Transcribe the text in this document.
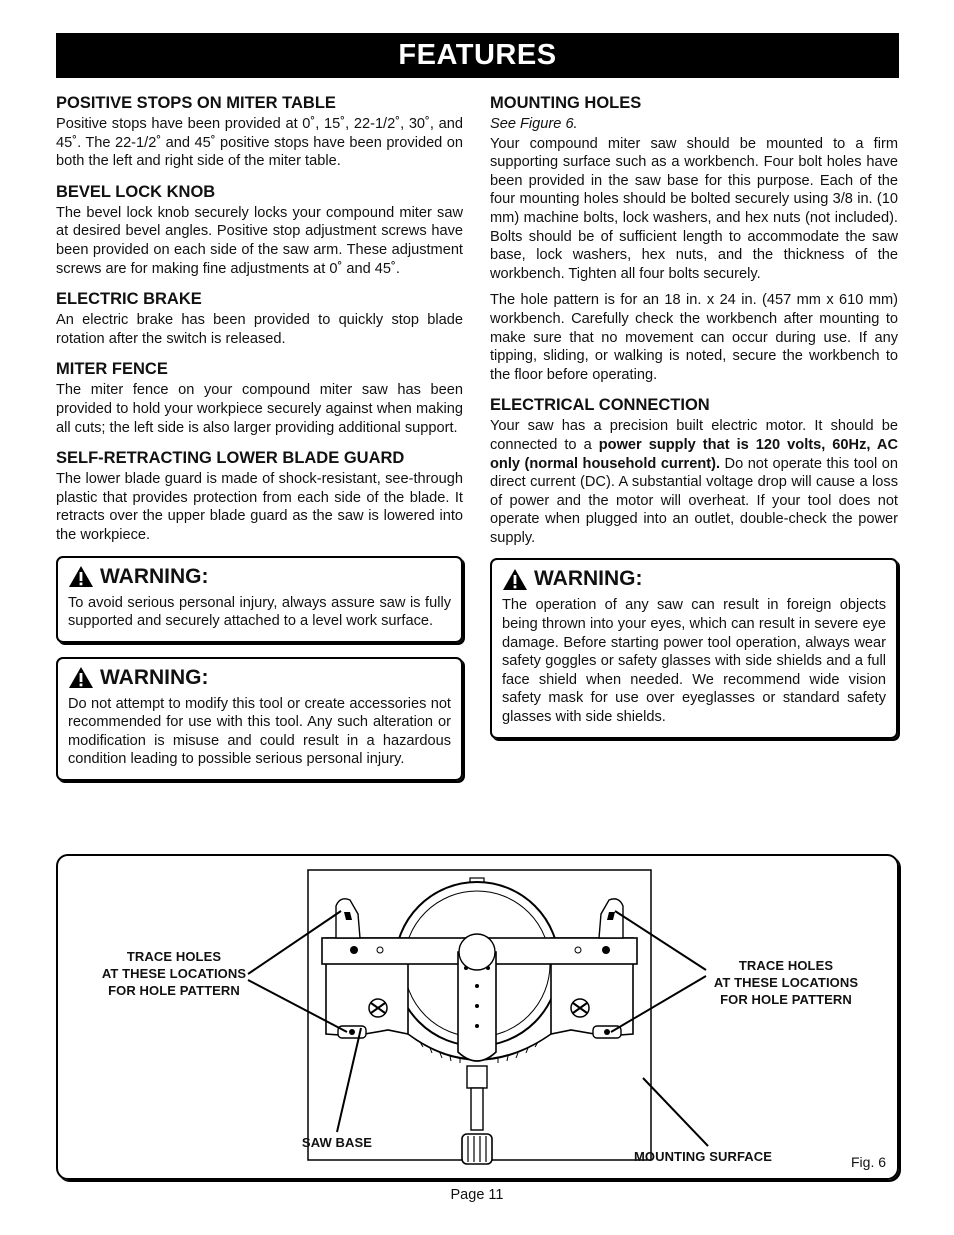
FEATURES
POSITIVE STOPS ON MITER TABLE

Positive stops have been provided at 0˚, 15˚, 22-1/2˚, 30˚, and 45˚. The 22-1/2˚ and 45˚ positive stops have been provided on both the left and right side of the miter table.

BEVEL LOCK KNOB

The bevel lock knob securely locks your compound miter saw at desired bevel angles. Positive stop adjustment screws have been provided on each side of the saw arm. These adjustment screws are for making fine adjustments at 0˚ and 45˚.

ELECTRIC BRAKE

An electric brake has been provided to quickly stop blade rotation after the switch is released.

MITER FENCE

The miter fence on your compound miter saw has been provided to hold your workpiece securely against when making all cuts; the left side is also larger providing additional support.

SELF-RETRACTING LOWER BLADE GUARD

The lower blade guard is made of shock-resistant, see-through plastic that provides protection from each side of the blade. It retracts over the upper blade guard as the saw is lowered into the workpiece.

WARNING:

To avoid serious personal injury, always assure saw is fully supported and securely attached to a level work surface.

WARNING:

Do not attempt to modify this tool or create accessories not recommended for use with this tool. Any such alteration or modification is misuse and could result in a hazardous condition leading to possible serious personal injury.

MOUNTING HOLES

See Figure 6.

Your compound miter saw should be mounted to a firm supporting surface such as a workbench. Four bolt holes have been provided in the saw base for this purpose. Each of the four mounting holes should be bolted securely using 3/8 in. (10 mm) machine bolts, lock washers, and hex nuts (not included). Bolts should be of sufficient length to accommodate the saw base, lock washers, hex nuts, and the thickness of the workbench. Tighten all four bolts securely.

The hole pattern is for an 18 in. x 24 in. (457 mm x 610 mm) workbench. Carefully check the workbench after mounting to make sure that no movement can occur during use. If any tipping, sliding, or walking is noted, secure the workbench to the floor before operating.

ELECTRICAL CONNECTION

Your saw has a precision built electric motor. It should be connected to a power supply that is 120 volts, 60Hz, AC only (normal household current). Do not operate this tool on direct current (DC). A substantial voltage drop will cause a loss of power and the motor will overheat. If your tool does not operate when plugged into an outlet, double-check the power supply.

WARNING:

The operation of any saw can result in foreign objects being thrown into your eyes, which can result in severe eye damage. Before starting power tool operation, always wear safety goggles or safety glasses with side shields and a full face shield when needed. We recommend wide vision safety mask for use over eyeglasses or standard safety glasses with side shields.

TRACE HOLES
AT THESE LOCATIONS
FOR HOLE PATTERN
TRACE HOLES
AT THESE LOCATIONS
FOR HOLE PATTERN
SAW BASE
MOUNTING SURFACE	Fig. 6
Page 11
